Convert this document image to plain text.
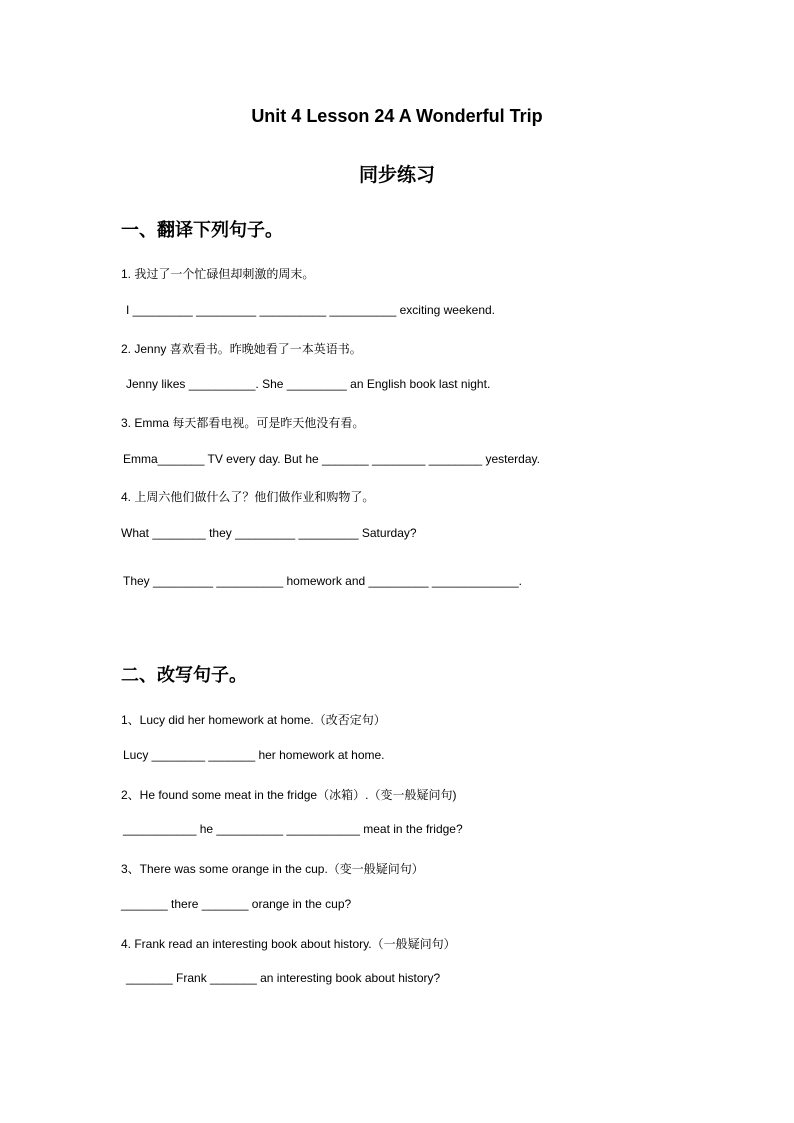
Unit 4 Lesson 24 A Wonderful Trip
同步练习
一、翻译下列句子。
1. 我过了一个忙碌但却刺激的周末。
I _________ _________ __________ __________ exciting weekend.
2. Jenny 喜欢看书。昨晚她看了一本英语书。
Jenny likes __________. She _________ an English book last night.
3. Emma 每天都看电视。可是昨天他没有看。
Emma_______ TV every day. But he _______ ________ ________ yesterday.
4. 上周六他们做什么了？他们做作业和购物了。
What ________ they _________ _________ Saturday?
They _________ __________ homework and _________ _____________.
二、改写句子。
1、Lucy did her homework at home.（改否定句）
Lucy ________ _______ her homework at home.
2、He found some meat in the fridge（冰箱）.（变一般疑问句)
___________ he __________ ___________ meat in the fridge?
3、There was some orange in the cup.（变一般疑问句）
_______ there _______ orange in the cup?
4. Frank read an interesting book about history.（一般疑问句）
_______ Frank _______ an interesting book about history?
